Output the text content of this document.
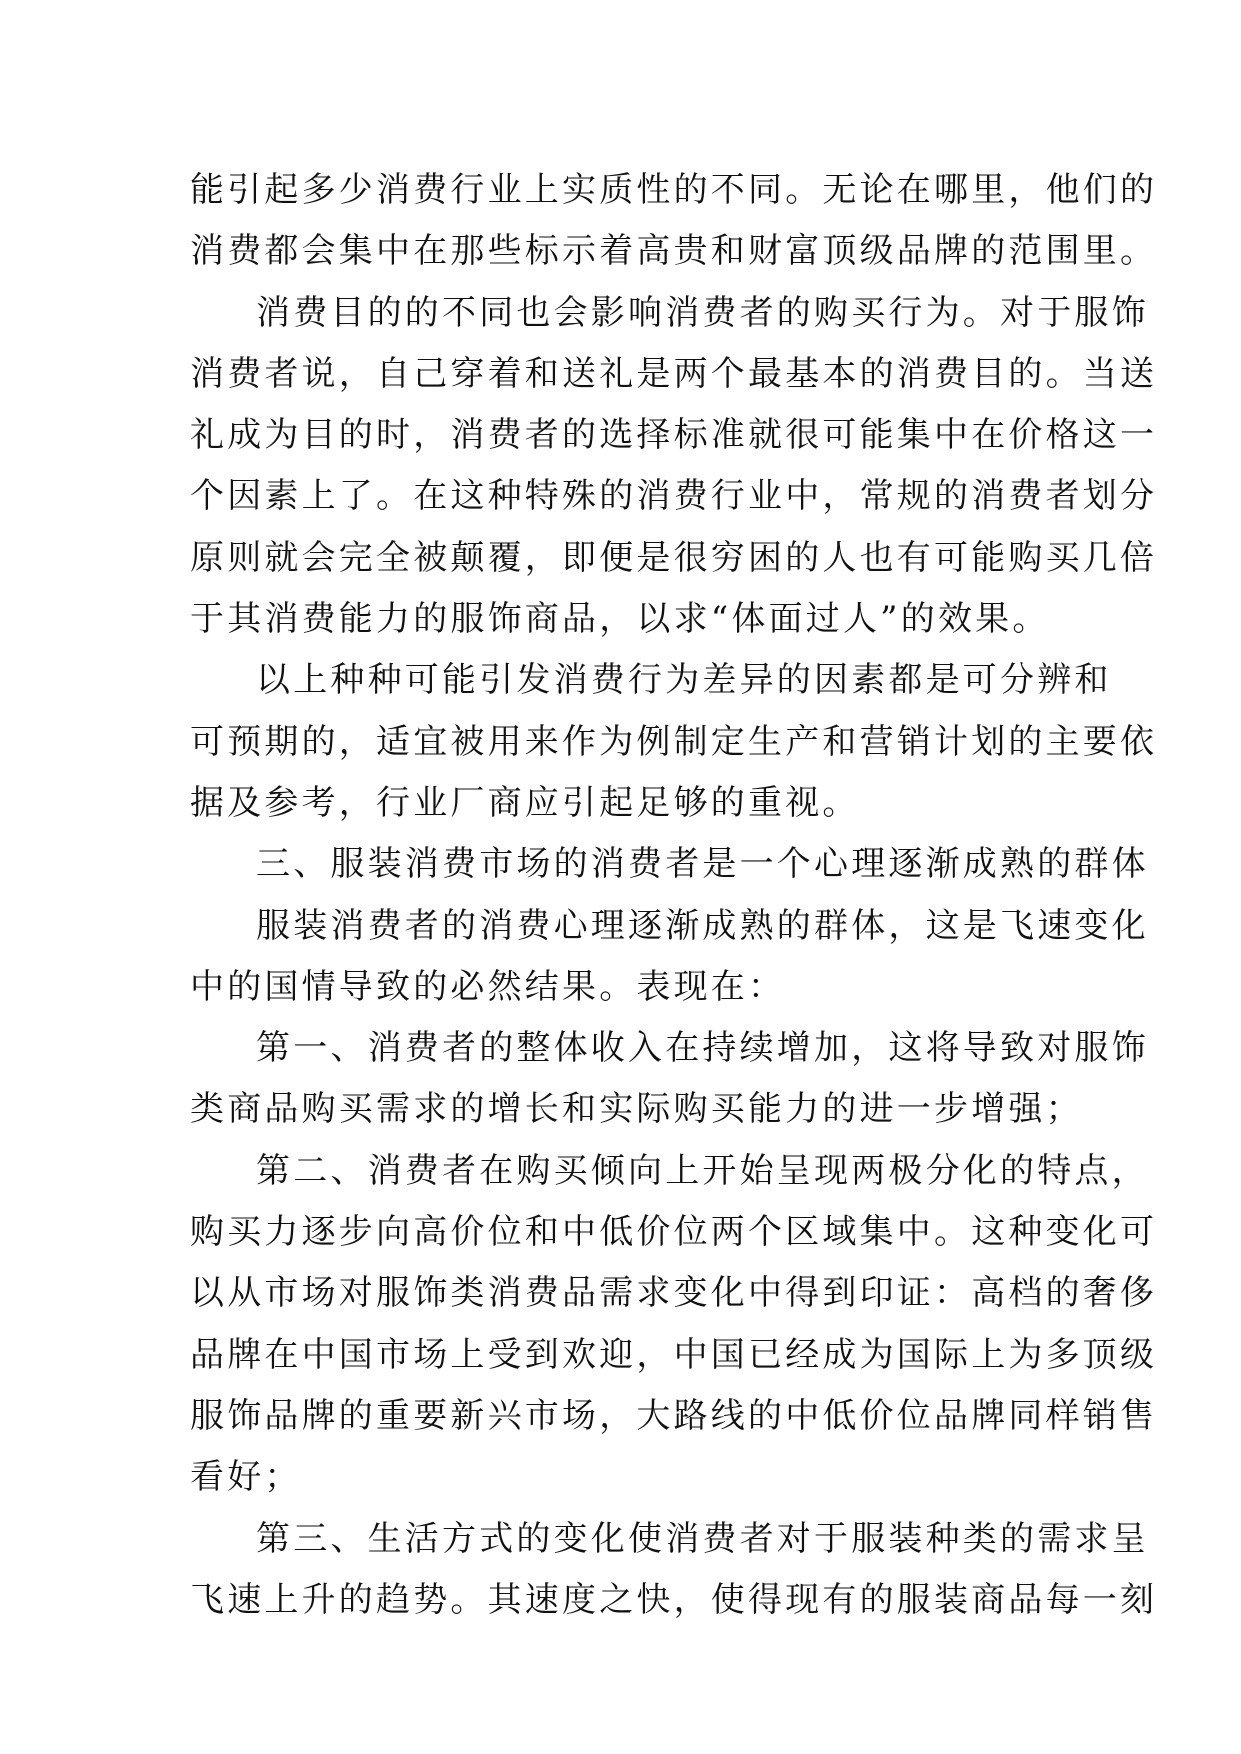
能引起多少消费行业上实质性的不同。无论在哪里，他们的
消费都会集中在那些标示着高贵和财富顶级品牌的范围里。
消费目的的不同也会影响消费者的购买行为。对于服饰
消费者说，自己穿着和送礼是两个最基本的消费目的。当送
礼成为目的时，消费者的选择标准就很可能集中在价格这一
个因素上了。在这种特殊的消费行业中，常规的消费者划分
原则就会完全被颠覆，即便是很穷困的人也有可能购买几倍
于其消费能力的服饰商品，以求“体面过人”的效果。
以上种种可能引发消费行为差异的因素都是可分辨和
可预期的，适宜被用来作为例制定生产和营销计划的主要依
据及参考，行业厂商应引起足够的重视。
三、服装消费市场的消费者是一个心理逐渐成熟的群体
服装消费者的消费心理逐渐成熟的群体，这是飞速变化
中的国情导致的必然结果。表现在：
第一、消费者的整体收入在持续增加，这将导致对服饰
类商品购买需求的增长和实际购买能力的进一步增强；
第二、消费者在购买倾向上开始呈现两极分化的特点，
购买力逐步向高价位和中低价位两个区域集中。这种变化可
以从市场对服饰类消费品需求变化中得到印证：高档的奢侈
品牌在中国市场上受到欢迎，中国已经成为国际上为多顶级
服饰品牌的重要新兴市场，大路线的中低价位品牌同样销售
看好；
第三、生活方式的变化使消费者对于服装种类的需求呈
飞速上升的趋势。其速度之快，使得现有的服装商品每一刻
